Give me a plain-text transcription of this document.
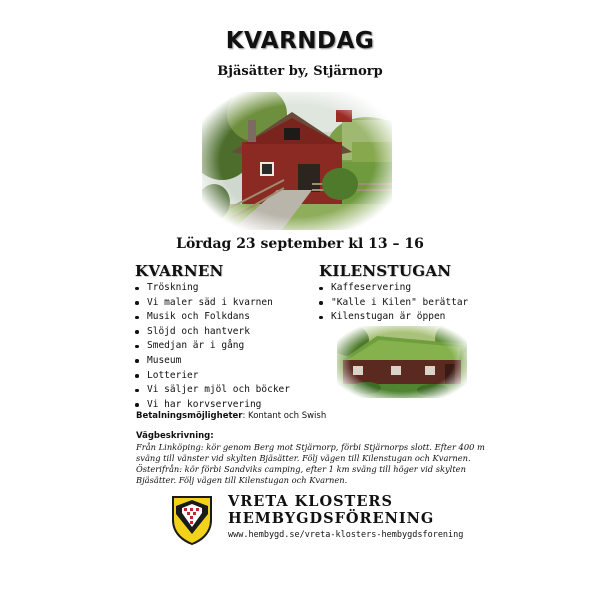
KVARNDAG
Bjäsätter by, Stjärnorp
Lördag 23 september kl 13 – 16
KVARNEN
Tröskning
Vi maler säd i kvarnen
Musik och Folkdans
Slöjd och hantverk
Smedjan är i gång
Museum
Lotterier
Vi säljer mjöl och böcker
Vi har korvservering
KILENSTUGAN
Kaffeservering
"Kalle i Kilen" berättar
Kilenstugan är öppen
Betalningsmöjligheter: Kontant och Swish
Vägbeskrivning:
Från Linköping: kör genom Berg mot Stjärnorp, förbi Stjärnorps slott. Efter 400 m
sväng till vänster vid skylten Bjäsätter. Följ vägen till Kilenstugan och Kvarnen.
Österifrån: kör förbi Sandviks camping, efter 1 km sväng till höger vid skylten
Bjäsätter. Följ vägen till Kilenstugan och Kvarnen.
VRETA KLOSTERS
HEMBYGDSFÖRENING
www.hembygd.se/vreta-klosters-hembygdsforening
